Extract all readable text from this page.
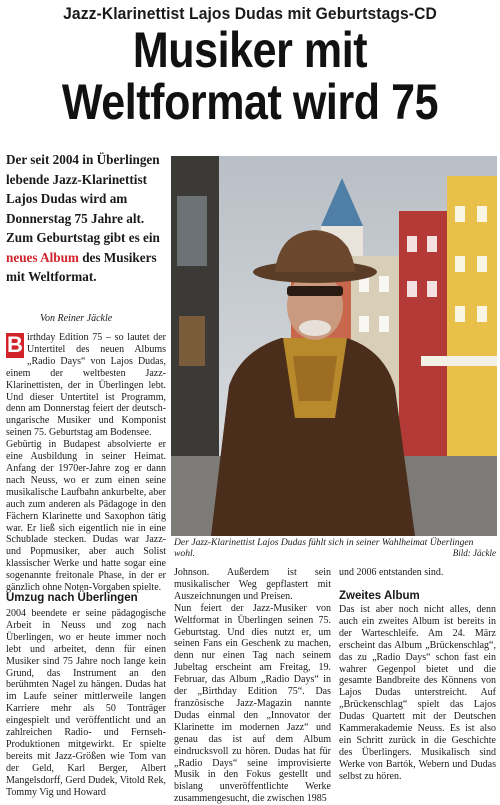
Jazz-Klarinettist Lajos Dudas mit Geburtstags-CD
Musiker mit
Weltformat wird 75
Der seit 2004 in Überlingen lebende Jazz-Klarinettist Lajos Dudas wird am Donnerstag 75 Jahre alt. Zum Geburtstag gibt es ein neues Album des Musikers mit Weltformat.
Von Reiner Jäckle

B irthday Edition 75 – so lautet der Untertitel des neuen Albums „Radio Days“ von Lajos Dudas, einem der weltbesten Jazz-Klarinettisten, der in Überlingen lebt. Und dieser Untertitel ist Programm, denn am Donnerstag feiert der deutsch-ungarische Musiker und Komponist seinen 75. Geburtstag am Bodensee.

Gebürtig in Budapest absolvierte er eine Ausbildung in seiner Heimat. Anfang der 1970er-Jahre zog er dann nach Neuss, wo er zum einen seine musikalische Laufbahn ankurbelte, aber auch zum anderen als Pädagoge in den Fächern Klarinette und Saxophon tätig war. Er ließ sich eigentlich nie in eine Schublade stecken. Dudas war Jazz- und Popmusiker, aber auch Solist klassischer Werke und hatte sogar eine sogenannte freitonale Phase, in der er gänzlich ohne Noten-Vorgaben spielte.

Umzug nach Überlingen

2004 beendete er seine pädagogische Arbeit in Neuss und zog nach Überlingen, wo er heute immer noch lebt und arbeitet, denn für einen Musiker sind 75 Jahre noch lange kein Grund, das Instrument an den berühmten Nagel zu hängen. Dudas hat im Laufe seiner mittlerweile langen Karriere mehr als 50 Tonträger eingespielt und veröffentlicht und an zahlreichen Radio- und Fernseh-Produktionen mitgewirkt. Er spielte bereits mit Jazz-Größen wie Tom van der Geld, Karl Berger, Albert Mangelsdorff, Gerd Dudek, Vitold Rek, Tommy Vig und Howard

Johnson. Außerdem ist sein musikalischer Weg gepflastert mit Auszeichnungen und Preisen.

Nun feiert der Jazz-Musiker von Weltformat in Überlingen seinen 75. Geburtstag. Und dies nutzt er, um seinen Fans ein Geschenk zu machen, denn nur einen Tag nach seinem Jubeltag erscheint am Freitag, 19. Februar, das Album „Radio Days“ in der „Birthday Edition 75“. Das französische Jazz-Magazin nannte Dudas einmal den „Innovator der Klarinette im modernen Jazz“ und genau das ist auf dem Album eindrucksvoll zu hören. Dudas hat für „Radio Days“ seine improvisierte Musik in den Fokus gestellt und bislang unveröffentlichte Werke zusammengesucht, die zwischen 1985

und 2006 entstanden sind.

Zweites Album

Das ist aber noch nicht alles, denn auch ein zweites Album ist bereits in der Warteschleife. Am 24. März erscheint das Album „Brückenschlag“, das zu „Radio Days“ schon fast ein wahrer Gegenpol bietet und die gesamte Bandbreite des Könnens von Lajos Dudas unterstreicht. Auf „Brückenschlag“ spielt das Lajos Dudas Quartett mit der Deutschen Kammerakademie Neuss. Es ist also ein Schritt zurück in die Geschichte des Überlingers. Musikalisch sind Werke von Bartók, Webern und Dudas selbst zu hören.

Der Jazz-Klarinettist Lajos Dudas fühlt sich in seiner Wahlheimat Überlingen wohl.	Bild: Jäckle
